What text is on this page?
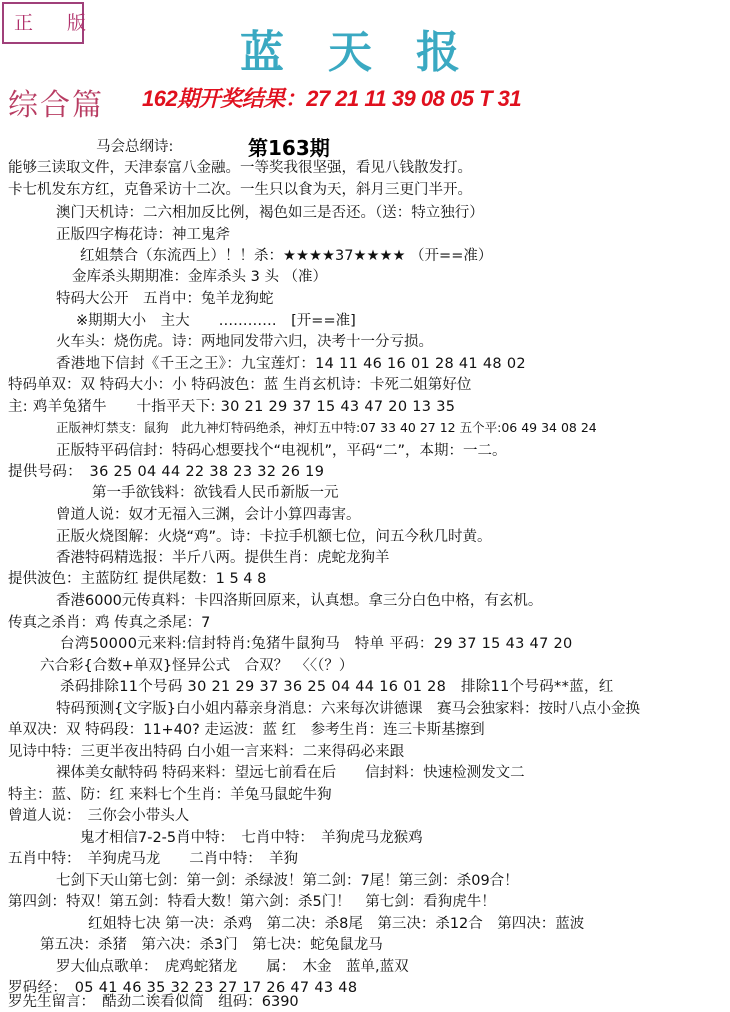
正 版
蓝天报
综合篇 162期开奖结果：27 21 11 39 08 05 T 31
第163期
马会总纲诗:
能够三读取文件，天津泰富八金融。一等奖我很坚强，看见八钱散发打。
卡七机发东方红，克鲁采访十二次。一生只以食为天，斜月三更门半开。
澳门天机诗：二六相加反比例，褐色如三是否还。（送：特立独行）
正版四字梅花诗：神工鬼斧
红姐禁合（东流西上）！！杀：★★★★37★★★★ （开==准）
金库杀头期期准：金库杀头 3 头 （准）
特码大公开　五肖中：兔羊龙狗蛇
※期期大小　主大　　…………　[开==准]
火车头：烧伤虎。诗：两地同发带六归，决考十一分亏损。
香港地下信封《千王之王》：九宝莲灯：14 11 46 16 01 28 41 48 02
特码单双：双 特码大小：小 特码波色：蓝 生肖玄机诗：卡死二姐第好位
主: 鸡羊兔猪牛　　十指平天下: 30 21 29 37 15 43 47 20 13 35
正版神灯禁支：鼠狗　此九神灯特码绝杀，神灯五中特:07 33 40 27 12 五个平:06 49 34 08 24
正版特平码信封：特码心想要找个“电视机”，平码“二”，本期：一二。
提供号码：　36 25 04 44 22 38 23 32 26 19
第一手欲钱料：欲钱看人民币新版一元
曾道人说：奴才无福入三渊，会计小算四毒害。
正版火烧图解：火烧“鸡”。诗：卡拉手机额七位，问五今秋几时黄。
香港特码精选报：半斤八两。提供生肖：虎蛇龙狗羊
提供波色：主蓝防红 提供尾数：1 5 4 8
香港6000元传真料：卡四洛斯回原来，认真想。拿三分白色中格，有玄机。
传真之杀肖：鸡 传真之杀尾：7
台湾50000元来料:信封特肖:兔猪牛鼠狗马　特单 平码：29 37 15 43 47 20
六合彩{合数+单双}怪异公式　合双？　〈〈（？）
杀码排除11个号码 30 21 29 37 36 25 04 44 16 01 28　排除11个号码**蓝，红
特码预测{文字版}白小姐内幕亲身消息：六来每次讲德课　赛马会独家料：按时八点小金换
单双决：双 特码段：11+40? 走运波：蓝 红　参考生肖：连三卡斯基擦到
见诗中特：三更半夜出特码 白小姐一言来料：二来得码必来跟
裸体美女献特码 特码来料：望远七前看在后　　信封料：快速检测发文二
特主：蓝、防：红 来料七个生肖：羊兔马鼠蛇牛狗
曾道人说：　三你会小带头人
鬼才相信7-2-5肖中特：　七肖中特：　羊狗虎马龙猴鸡
五肖中特：　羊狗虎马龙　　二肖中特：　羊狗
七剑下天山第七剑：第一剑：杀绿波！第二剑：7尾！第三剑：杀09合！
第四剑：特双！第五剑：特看大数！第六剑：杀5门！　第七剑：看狗虎牛！
红姐特七决 第一决：杀鸡　第二决：杀8尾　第三决：杀12合　第四决：蓝波
第五决：杀猪　第六决：杀3门　第七决：蛇兔鼠龙马
罗大仙点歌单：　虎鸡蛇猪龙　　属：　木金　蓝单,蓝双
罗码经：　05 41 46 35 32 23 27 17 26 47 43 48
罗先生留言：　酷劲二诶看似简　组码：6390
